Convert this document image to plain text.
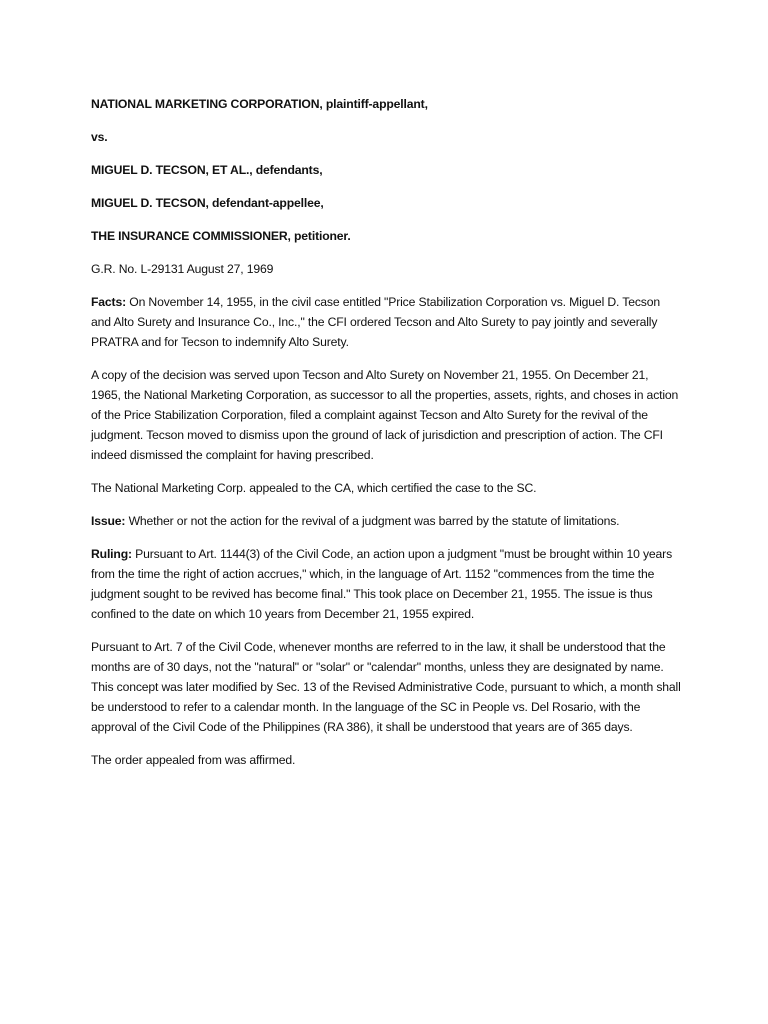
NATIONAL MARKETING CORPORATION, plaintiff-appellant,

vs.

MIGUEL D. TECSON, ET AL., defendants,

MIGUEL D. TECSON, defendant-appellee,

THE INSURANCE COMMISSIONER, petitioner.

G.R. No. L-29131 August 27, 1969

Facts: On November 14, 1955, in the civil case entitled "Price Stabilization Corporation vs. Miguel D. Tecson and Alto Surety and Insurance Co., Inc.," the CFI ordered Tecson and Alto Surety to pay jointly and severally PRATRA and for Tecson to indemnify Alto Surety.

A copy of the decision was served upon Tecson and Alto Surety on November 21, 1955. On December 21, 1965, the National Marketing Corporation, as successor to all the properties, assets, rights, and choses in action of the Price Stabilization Corporation, filed a complaint against Tecson and Alto Surety for the revival of the judgment. Tecson moved to dismiss upon the ground of lack of jurisdiction and prescription of action. The CFI indeed dismissed the complaint for having prescribed.

The National Marketing Corp. appealed to the CA, which certified the case to the SC.

Issue: Whether or not the action for the revival of a judgment was barred by the statute of limitations.

Ruling: Pursuant to Art. 1144(3) of the Civil Code, an action upon a judgment "must be brought within 10 years from the time the right of action accrues," which, in the language of Art. 1152 "commences from the time the judgment sought to be revived has become final." This took place on December 21, 1955. The issue is thus confined to the date on which 10 years from December 21, 1955 expired.

Pursuant to Art. 7 of the Civil Code, whenever months are referred to in the law, it shall be understood that the months are of 30 days, not the "natural" or "solar" or "calendar" months, unless they are designated by name. This concept was later modified by Sec. 13 of the Revised Administrative Code, pursuant to which, a month shall be understood to refer to a calendar month. In the language of the SC in People vs. Del Rosario, with the approval of the Civil Code of the Philippines (RA 386), it shall be understood that years are of 365 days.

The order appealed from was affirmed.
